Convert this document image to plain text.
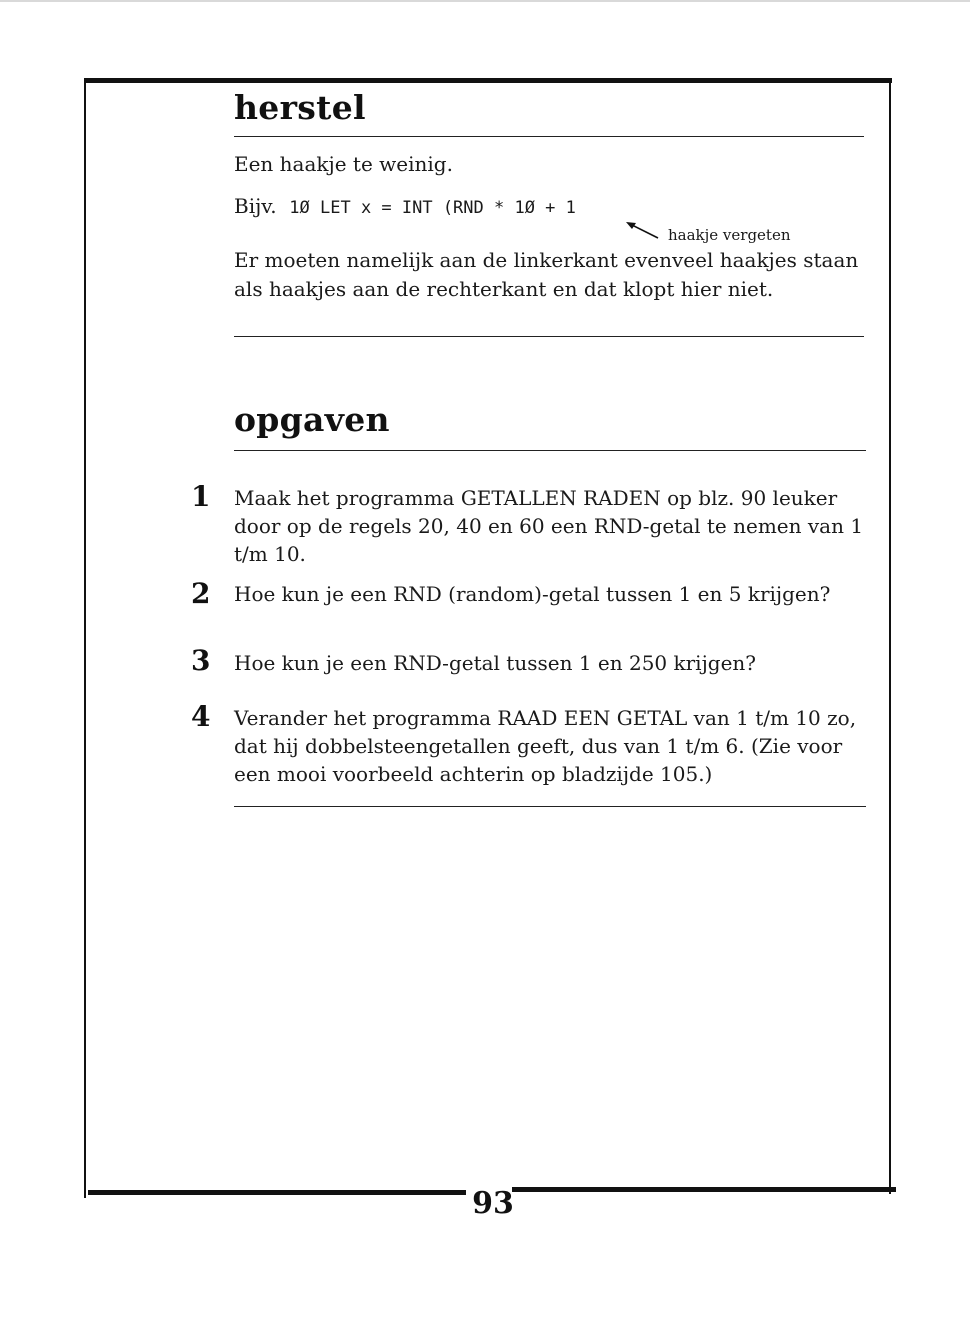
herstel
Een haakje te weinig.
Bijv. 1Ø LET x = INT (RND * 1Ø + 1
haakje vergeten
Er moeten namelijk aan de linkerkant evenveel haakjes staan als haakjes aan de rechterkant en dat klopt hier niet.
opgaven
1 Maak het programma GETALLEN RADEN op blz. 90 leuker door op de regels 20, 40 en 60 een RND-getal te nemen van 1 t/m 10.
2 Hoe kun je een RND (random)-getal tussen 1 en 5 krijgen?
3 Hoe kun je een RND-getal tussen 1 en 250 krijgen?
4 Verander het programma RAAD EEN GETAL van 1 t/m 10 zo, dat hij dobbelsteengetallen geeft, dus van 1 t/m 6. (Zie voor een mooi voorbeeld achterin op bladzijde 105.)
93
